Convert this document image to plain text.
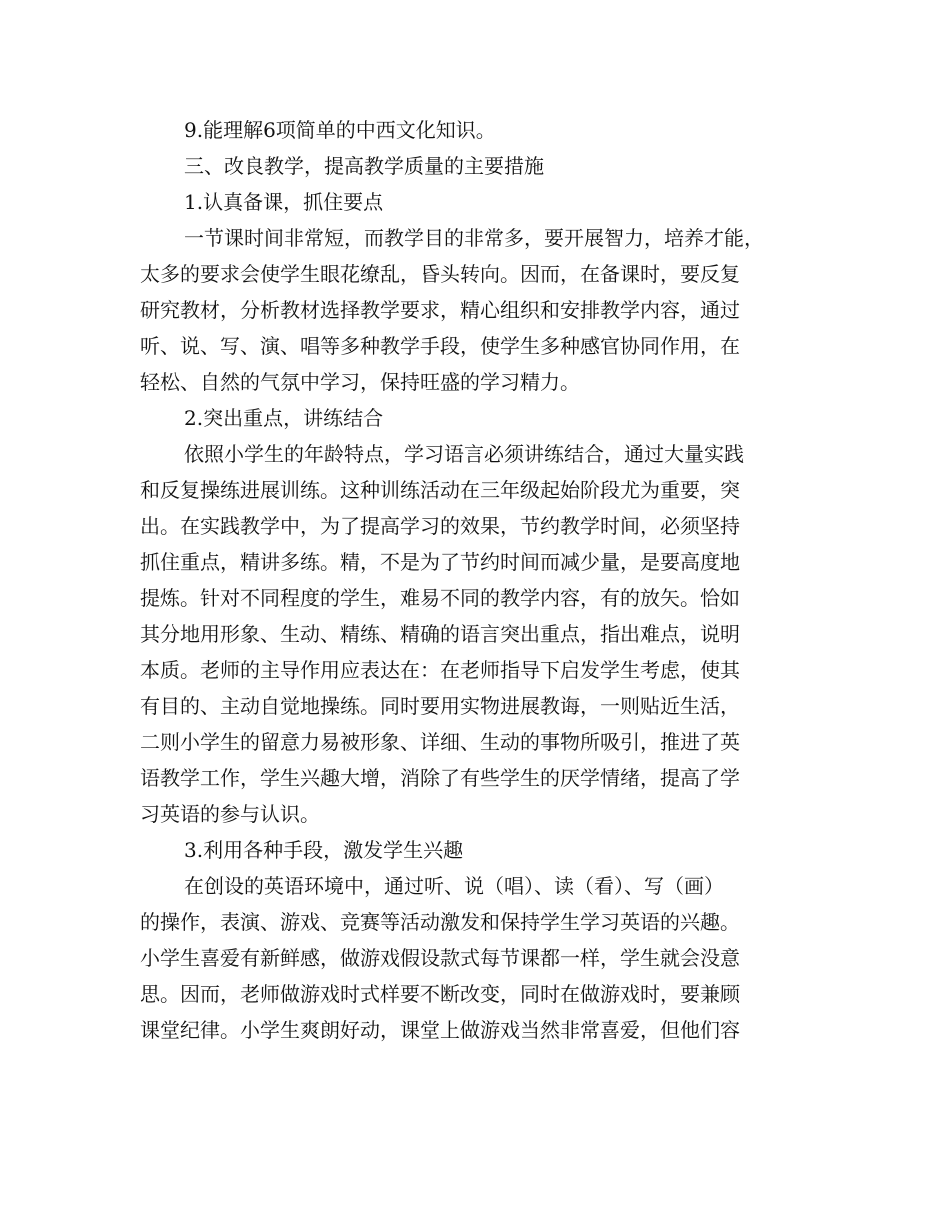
9.能理解6项简单的中西文化知识。
三、改良教学，提高教学质量的主要措施
1.认真备课，抓住要点
一节课时间非常短，而教学目的非常多，要开展智力，培养才能，
太多的要求会使学生眼花缭乱，昏头转向。因而，在备课时，要反复
研究教材，分析教材选择教学要求，精心组织和安排教学内容，通过
听、说、写、演、唱等多种教学手段，使学生多种感官协同作用，在
轻松、自然的气氛中学习，保持旺盛的学习精力。
2.突出重点，讲练结合
依照小学生的年龄特点，学习语言必须讲练结合，通过大量实践
和反复操练进展训练。这种训练活动在三年级起始阶段尤为重要，突
出。在实践教学中，为了提高学习的效果，节约教学时间，必须坚持
抓住重点，精讲多练。精，不是为了节约时间而减少量，是要高度地
提炼。针对不同程度的学生，难易不同的教学内容，有的放矢。恰如
其分地用形象、生动、精练、精确的语言突出重点，指出难点，说明
本质。老师的主导作用应表达在：在老师指导下启发学生考虑，使其
有目的、主动自觉地操练。同时要用实物进展教诲，一则贴近生活，
二则小学生的留意力易被形象、详细、生动的事物所吸引，推进了英
语教学工作，学生兴趣大增，消除了有些学生的厌学情绪，提高了学
习英语的参与认识。
3.利用各种手段，激发学生兴趣
在创设的英语环境中，通过听、说（唱）、读（看）、写（画）
的操作，表演、游戏、竞赛等活动激发和保持学生学习英语的兴趣。
小学生喜爱有新鲜感，做游戏假设款式每节课都一样，学生就会没意
思。因而，老师做游戏时式样要不断改变，同时在做游戏时，要兼顾
课堂纪律。小学生爽朗好动，课堂上做游戏当然非常喜爱，但他们容
